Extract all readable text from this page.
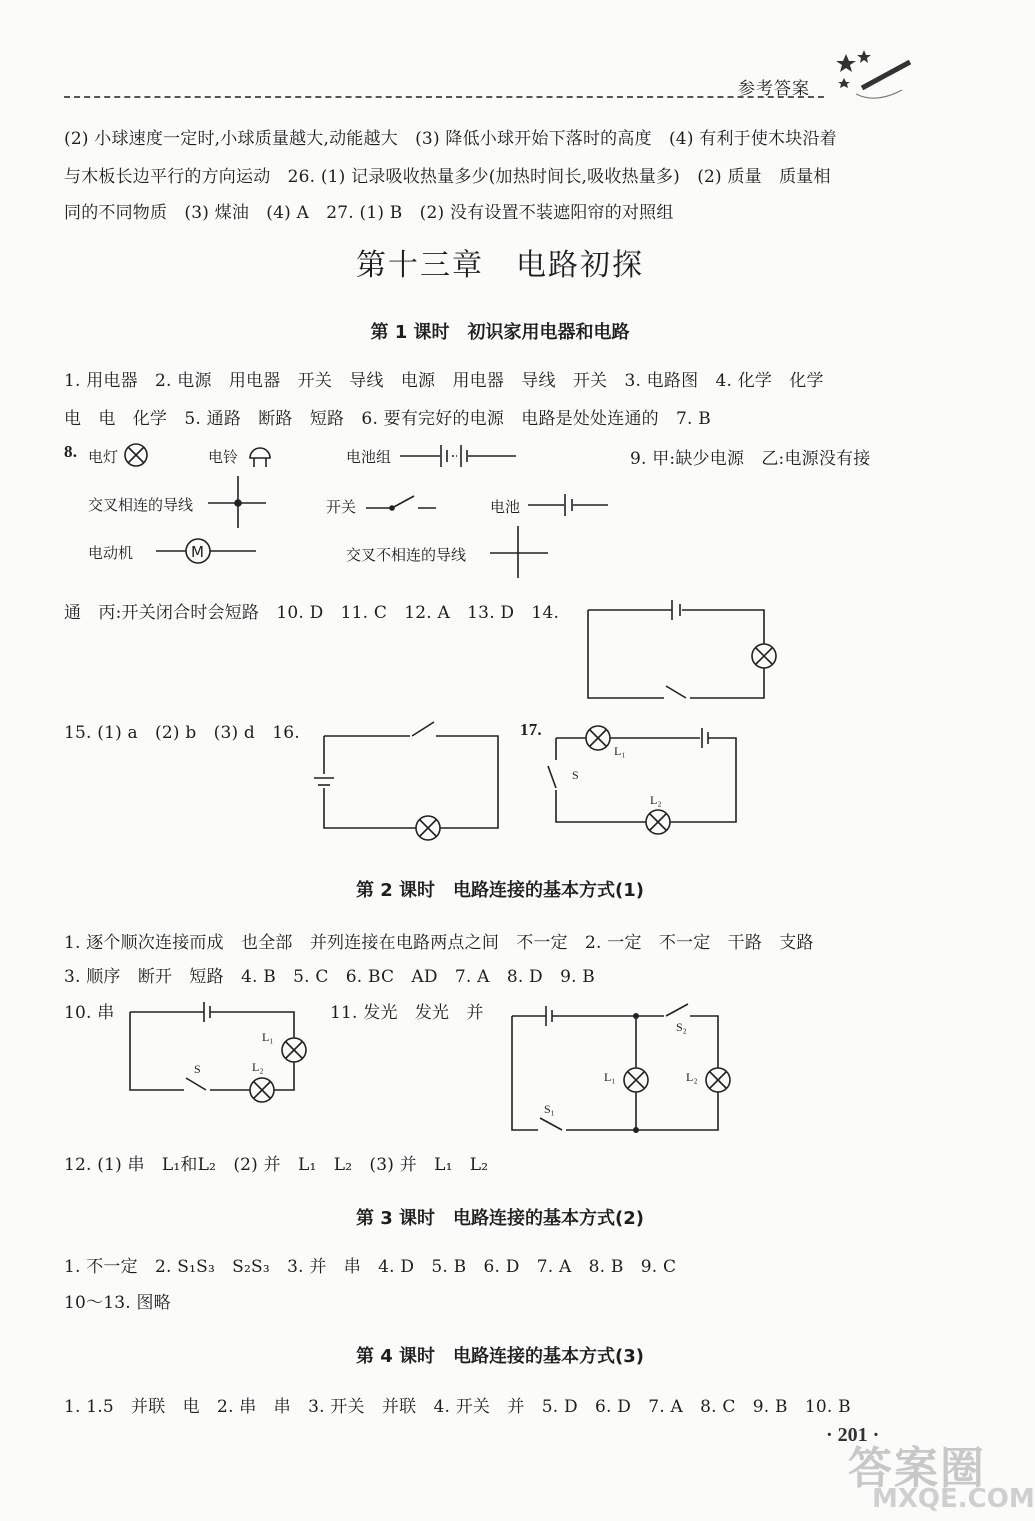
参考答案
(2) 小球速度一定时,小球质量越大,动能越大　(3) 降低小球开始下落时的高度　(4) 有利于使木块沿着
与木板长边平行的方向运动　26. (1) 记录吸收热量多少(加热时间长,吸收热量多)　(2) 质量　质量相
同的不同物质　(3) 煤油　(4) A　27. (1) B　(2) 没有设置不装遮阳帘的对照组
第十三章　电路初探
第 1 课时　初识家用电器和电路
1. 用电器　2. 电源　用电器　开关　导线　电源　用电器　导线　开关　3. 电路图　4. 化学　化学
电　电　化学　5. 通路　断路　短路　6. 要有完好的电源　电路是处处连通的　7. B
8. 电灯	电铃	电池组
交叉相连的导线	开关	电池
电动机	交叉不相连的导线
M
9. 甲:缺少电源　乙:电源没有接
通　丙:开关闭合时会短路　10. D　11. C　12. A　13. D　14.
15. (1) a　(2) b　(3) d　16.	17.
L₁
L₂
S
第 2 课时　电路连接的基本方式(1)
1. 逐个顺次连接而成　也全部　并列连接在电路两点之间　不一定　2. 一定　不一定　干路　支路
3. 顺序　断开　短路　4. B　5. C　6. BC　AD　7. A　8. D　9. B
10. 串	11. 发光　发光　并
L₁
L₂
S
L₁	L₂
S₁
S₂
12. (1) 串　L₁和L₂　(2) 并　L₁　L₂　(3) 并　L₁　L₂
第 3 课时　电路连接的基本方式(2)
1. 不一定　2. S₁S₃　S₂S₃　3. 并　串　4. D　5. B　6. D　7. A　8. B　9. C
10～13. 图略
第 4 课时　电路连接的基本方式(3)
1. 1.5　并联　电　2. 串　串　3. 开关　并联　4. 开关　并　5. D　6. D　7. A　8. C　9. B　10. B
· 201 ·
答案圈
MXQE.COM
